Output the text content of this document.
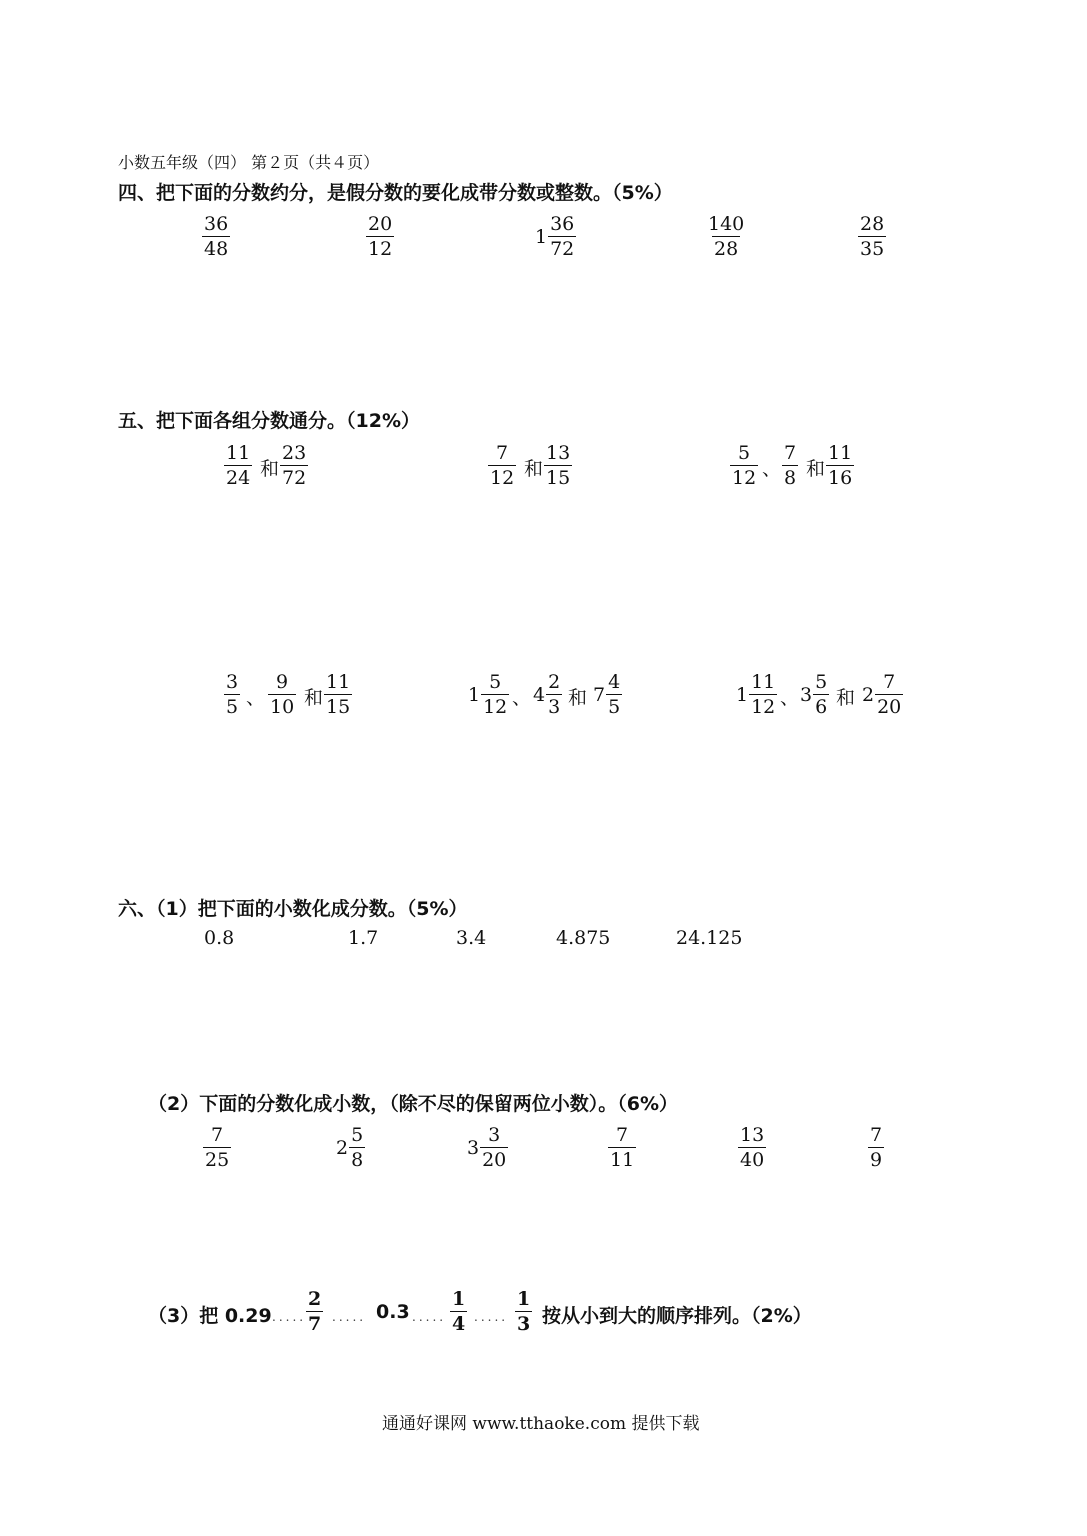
小数五年级（四） 第２页（共４页）
四、把下面的分数约分，是假分数的要化成带分数或整数。（5%）
$\frac{36}{48}$	$\frac{20}{12}$	$1 \frac{36}{72}$	$\frac{140}{28}$	$\frac{28}{35}$
五、把下面各组分数通分。（12%）
$\frac{11}{24}$ 和 $\frac{23}{72}$	$\frac{7}{12}$ 和 $\frac{13}{15}$	$\frac{5}{12}$ 、 $\frac{7}{8}$ 和 $\frac{11}{16}$
$\frac{3}{5}$ 、 $\frac{9}{10}$ 和 $\frac{11}{15}$	$1 \frac{5}{12}$ 、 $4 \frac{2}{3}$ 和 $7 \frac{4}{5}$	$1 \frac{11}{12}$ 、 $3 \frac{5}{6}$ 和 $2 \frac{7}{20}$
六、（1）把下面的小数化成分数。（5%）
0.8	1.7	3.4	4.875	24.125
（2）下面的分数化成小数，（除不尽的保留两位小数）。（6%）
$\frac{7}{25}$	$2 \frac{5}{8}$	$3 \frac{3}{20}$	$\frac{7}{11}$	$\frac{13}{40}$	$\frac{7}{9}$
（3）把 0.29 ..... $\frac{2}{7}$ ..... 0.3 ..... $\frac{1}{4}$ ..... $\frac{1}{3}$ 按从小到大的顺序排列。（2%）
通通好课网 www.tthaoke.com 提供下载
